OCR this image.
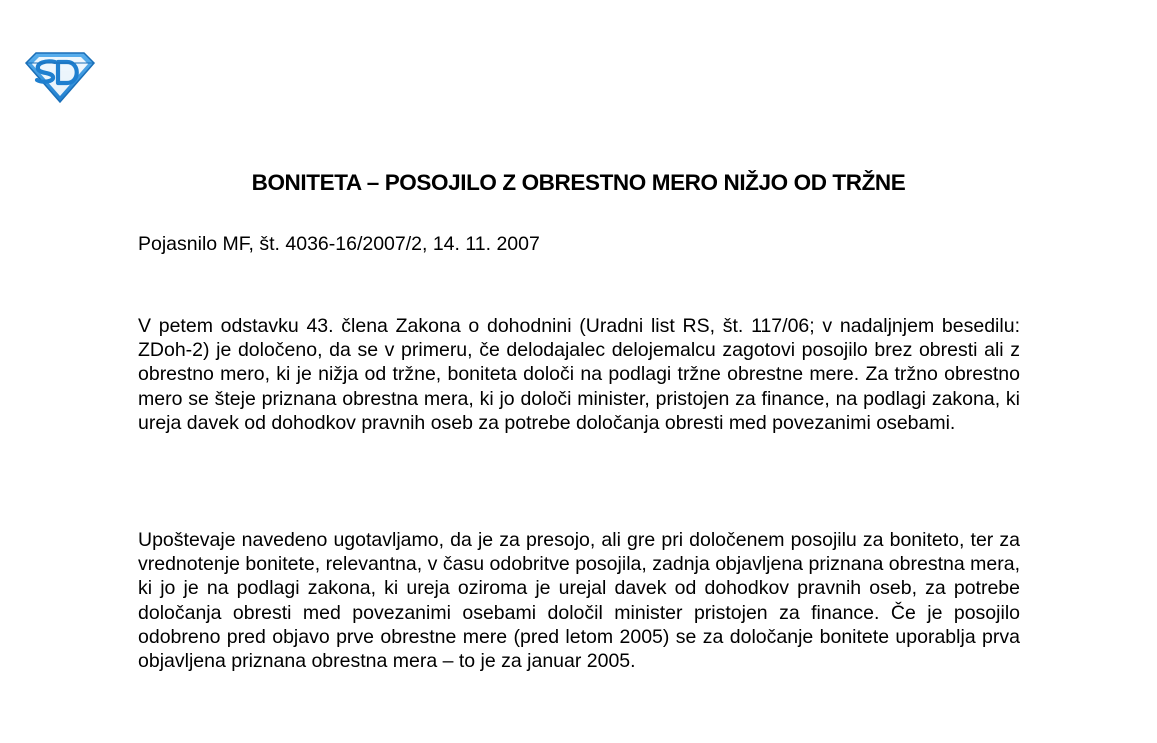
BONITETA – POSOJILO Z OBRESTNO MERO NIŽJO OD TRŽNE

Pojasnilo MF, št. 4036-16/2007/2, 14. 11. 2007

V petem odstavku 43. člena Zakona o dohodnini (Uradni list RS, št. 117/06; v nadaljnjem besedilu: ZDoh-2) je določeno, da se v primeru, če delodajalec delojemalcu zagotovi posojilo brez obresti ali z obrestno mero, ki je nižja od tržne, boniteta določi na podlagi tržne obrestne mere. Za tržno obrestno mero se šteje priznana obrestna mera, ki jo določi minister, pristojen za finance, na podlagi zakona, ki ureja davek od dohodkov pravnih oseb za potrebe določanja obresti med povezanimi osebami.

Upoštevaje navedeno ugotavljamo, da je za presojo, ali gre pri določenem posojilu za boniteto, ter za vrednotenje bonitete, relevantna, v času odobritve posojila, zadnja objavljena priznana obrestna mera, ki jo je na podlagi zakona, ki ureja oziroma je urejal davek od dohodkov pravnih oseb, za potrebe določanja obresti med povezanimi osebami določil minister pristojen za finance. Če je posojilo odobreno pred objavo prve obrestne mere (pred letom 2005) se za določanje bonitete uporablja prva objavljena priznana obrestna mera – to je za januar 2005.
